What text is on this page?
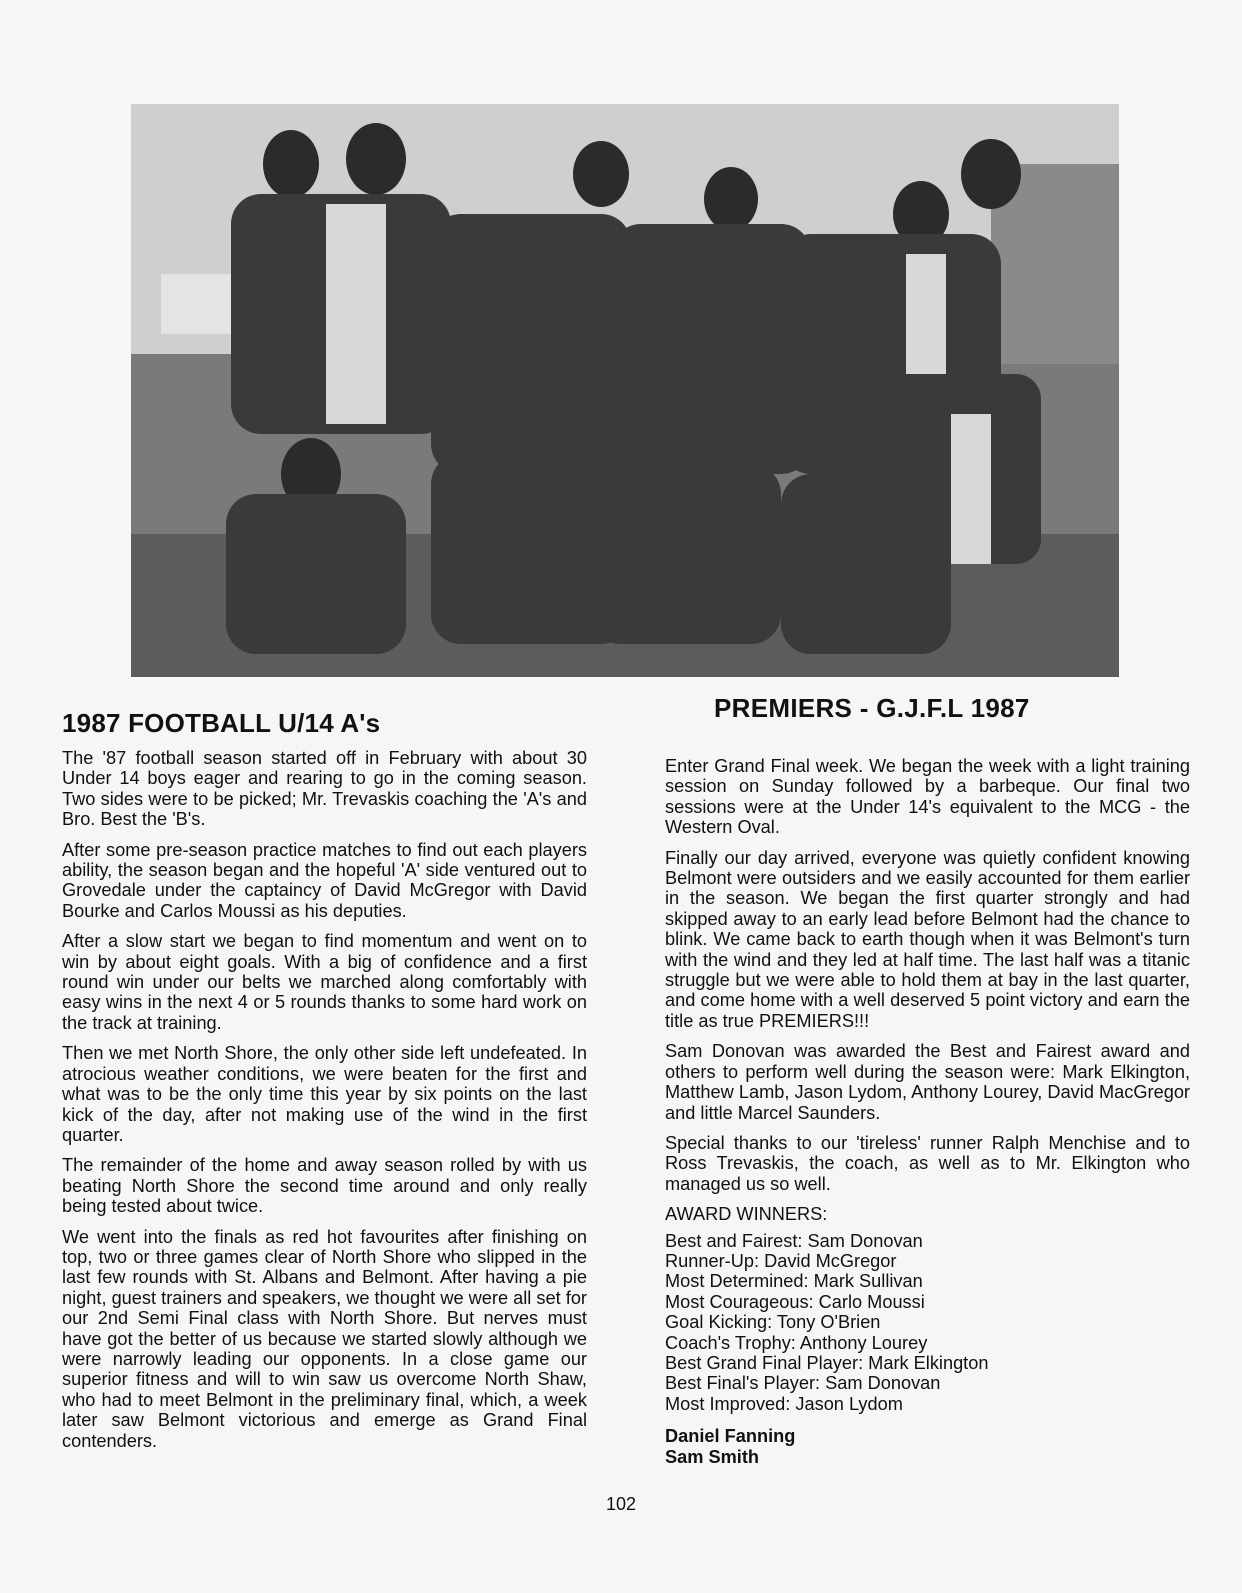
1987 FOOTBALL U/14 A's	PREMIERS - G.J.F.L 1987

The '87 football season started off in February with about 30 Under 14 boys eager and rearing to go in the coming season. Two sides were to be picked; Mr. Trevaskis coaching the 'A's and Bro. Best the 'B's.

After some pre-season practice matches to find out each players ability, the season began and the hopeful 'A' side ventured out to Grovedale under the captaincy of David McGregor with David Bourke and Carlos Moussi as his deputies.

After a slow start we began to find momentum and went on to win by about eight goals. With a big of confidence and a first round win under our belts we marched along comfortably with easy wins in the next 4 or 5 rounds thanks to some hard work on the track at training.

Then we met North Shore, the only other side left undefeated. In atrocious weather conditions, we were beaten for the first and what was to be the only time this year by six points on the last kick of the day, after not making use of the wind in the first quarter.

The remainder of the home and away season rolled by with us beating North Shore the second time around and only really being tested about twice.

We went into the finals as red hot favourites after finishing on top, two or three games clear of North Shore who slipped in the last few rounds with St. Albans and Belmont. After having a pie night, guest trainers and speakers, we thought we were all set for our 2nd Semi Final class with North Shore. But nerves must have got the better of us because we started slowly although we were narrowly leading our opponents. In a close game our superior fitness and will to win saw us overcome North Shaw, who had to meet Belmont in the preliminary final, which, a week later saw Belmont victorious and emerge as Grand Final contenders.

Enter Grand Final week. We began the week with a light training session on Sunday followed by a barbeque. Our final two sessions were at the Under 14's equivalent to the MCG - the Western Oval.

Finally our day arrived, everyone was quietly confident knowing Belmont were outsiders and we easily accounted for them earlier in the season. We began the first quarter strongly and had skipped away to an early lead before Belmont had the chance to blink. We came back to earth though when it was Belmont's turn with the wind and they led at half time. The last half was a titanic struggle but we were able to hold them at bay in the last quarter, and come home with a well deserved 5 point victory and earn the title as true PREMIERS!!!

Sam Donovan was awarded the Best and Fairest award and others to perform well during the season were: Mark Elkington, Matthew Lamb, Jason Lydom, Anthony Lourey, David MacGregor and little Marcel Saunders.

Special thanks to our 'tireless' runner Ralph Menchise and to Ross Trevaskis, the coach, as well as to Mr. Elkington who managed us so well.

AWARD WINNERS:
Best and Fairest: Sam Donovan
Runner-Up: David McGregor
Most Determined: Mark Sullivan
Most Courageous: Carlo Moussi
Goal Kicking: Tony O'Brien
Coach's Trophy: Anthony Lourey
Best Grand Final Player: Mark Elkington
Best Final's Player: Sam Donovan
Most Improved: Jason Lydom
Daniel Fanning
Sam Smith
102
